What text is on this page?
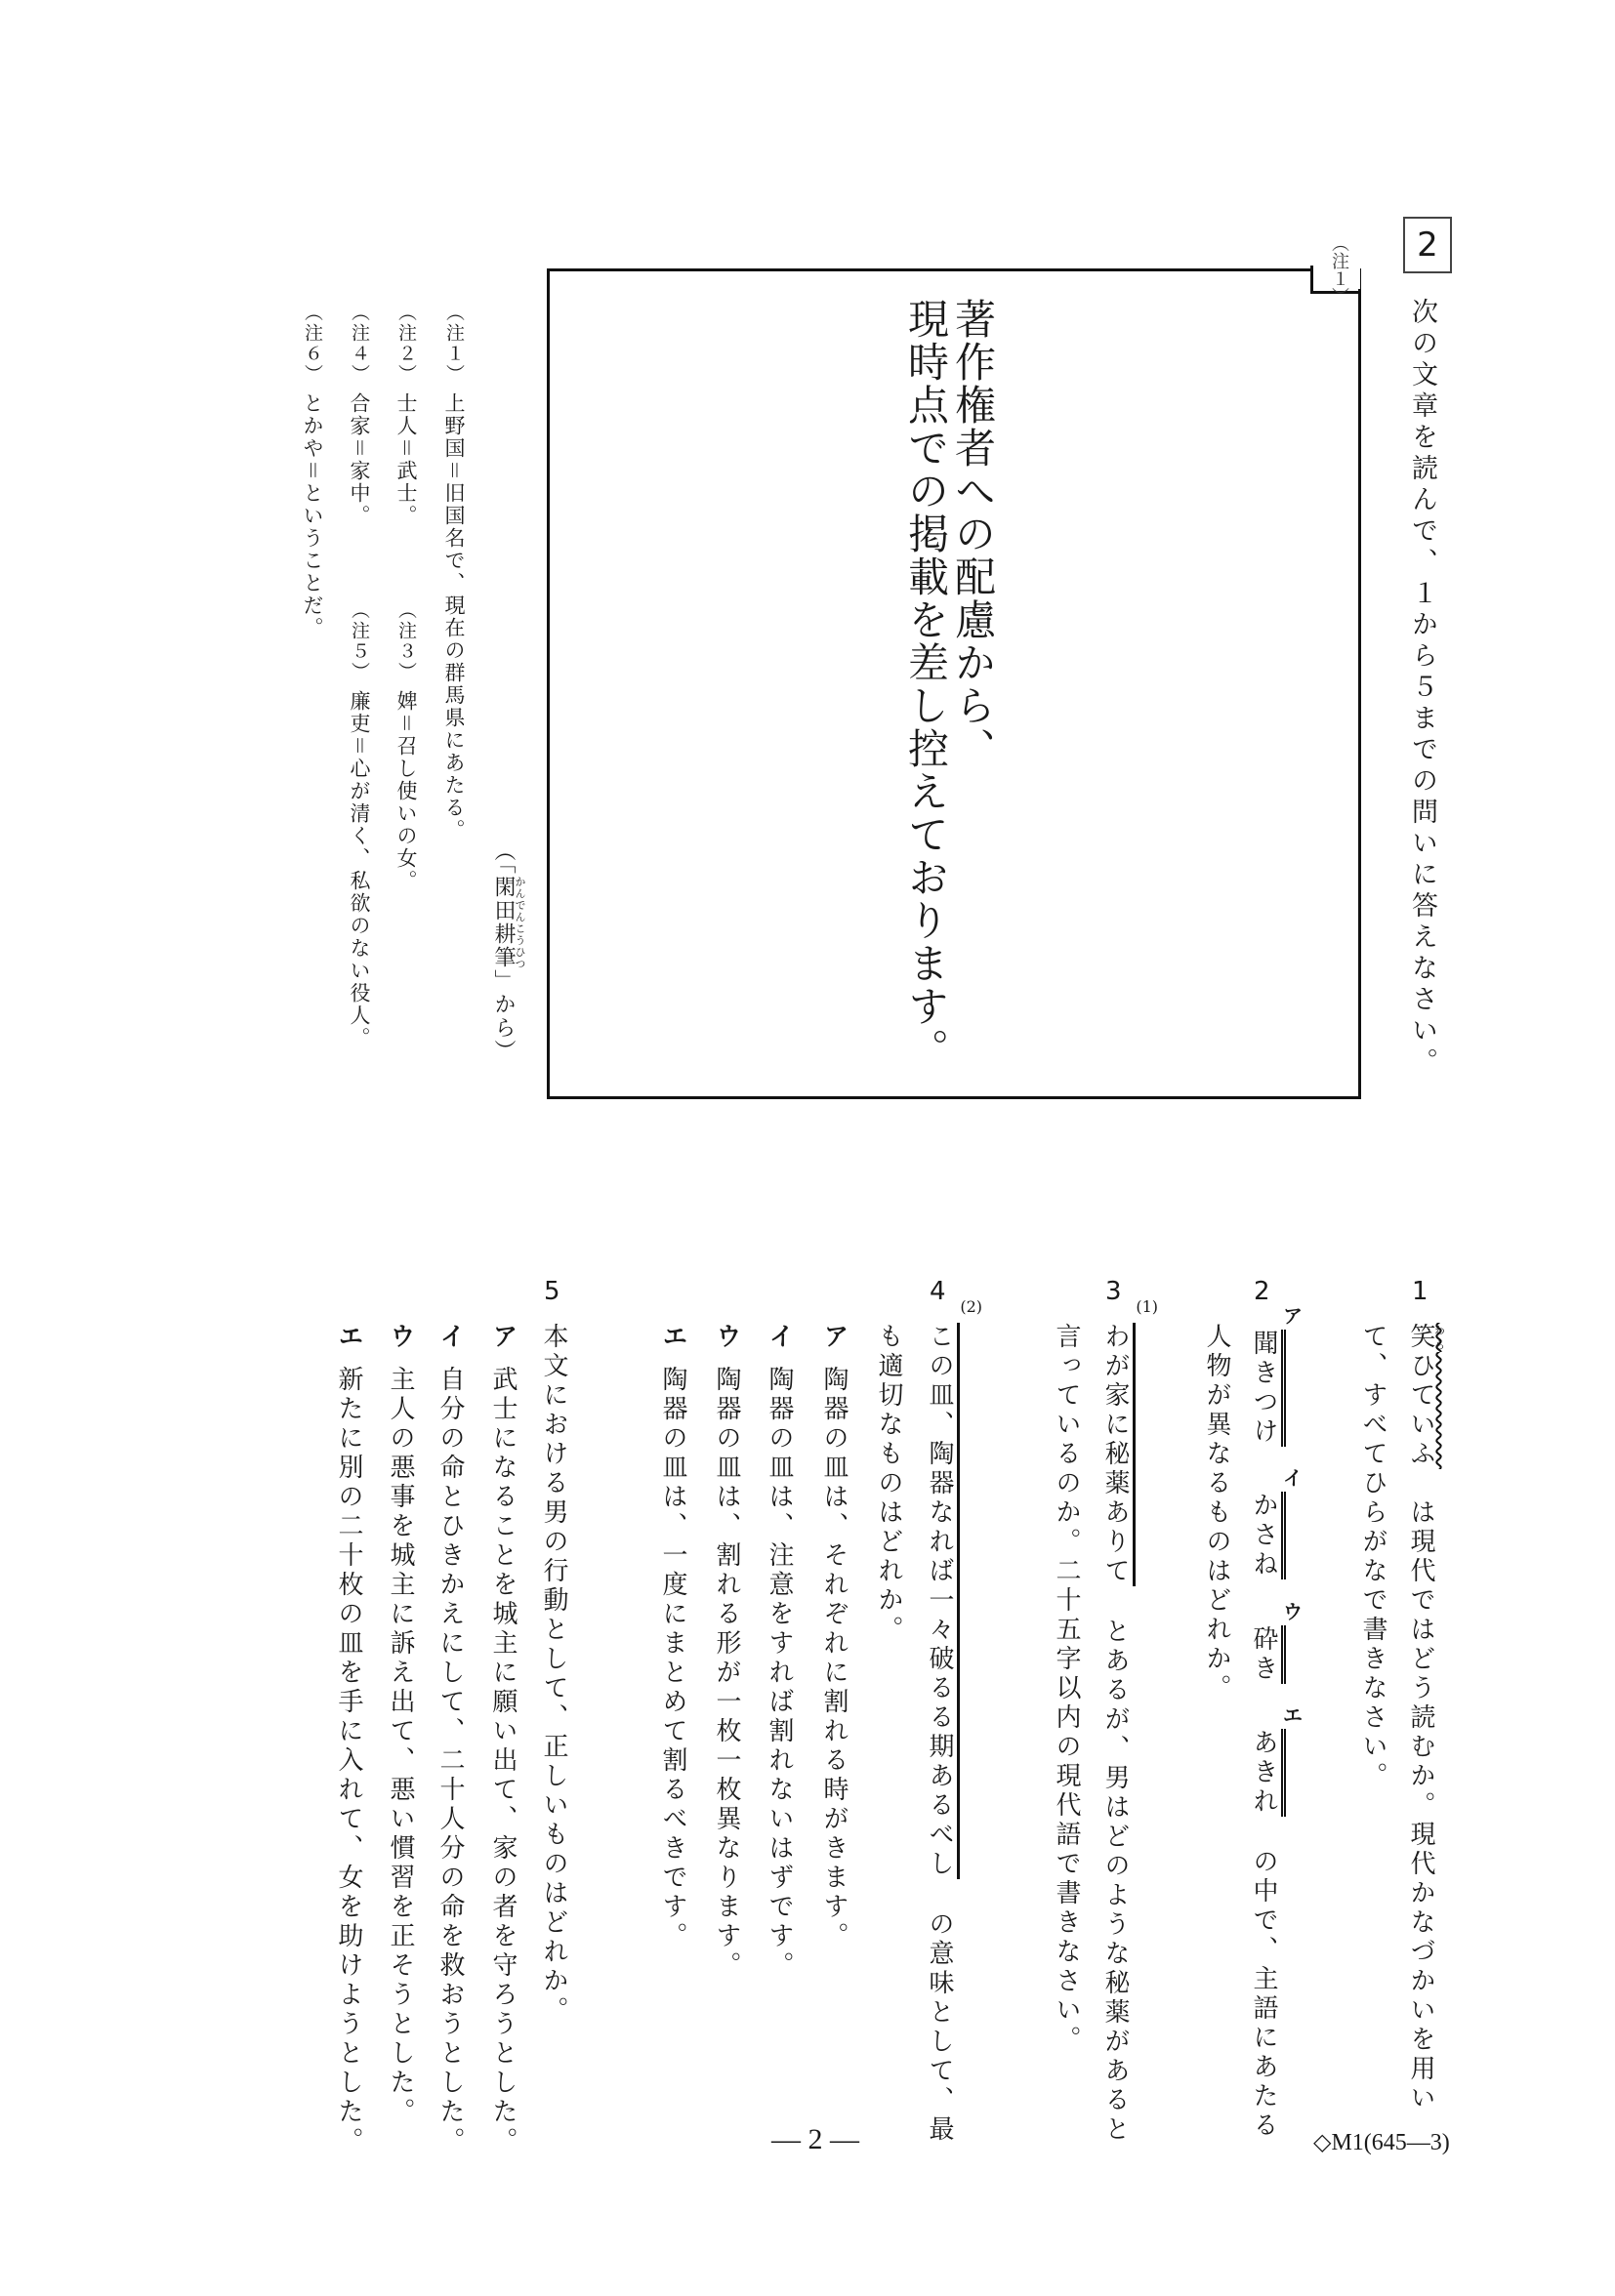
2
次の文章を読んで、１から５までの問いに答えなさい。
（注１）
著作権者への配慮から、
現時点での掲載を差し控えております。
（「閑田耕筆かんでんこうひつ」から）
（注１）上野国＝旧国名で、現在の群馬県にあたる。
（注２）士人＝武士。
（注３）婢＝召し使いの女。
（注４）合家＝家中。
（注５）廉吏＝心が清く、私欲のない役人。
（注６）とかや＝ということだ。
1
笑わらひていふ は現代ではどう読むか。現代かなづかいを用い
て、すべてひらがなで書きなさい。
2
ア
聞きつけ
イ
かさね
ウ
砕き
エ
あきれ の中で、主語にあたる
人物が異なるものはどれか。
3
(1)
わが家に秘薬ありて とあるが、男はどのような秘薬があると
言っているのか。二十五字以内の現代語で書きなさい。
4
(2)
この皿、陶器なれば一々破るる期あるべし の意味として、最
も適切なものはどれか。
ア陶器の皿は、それぞれに割れる時がきます。
イ陶器の皿は、注意をすれば割れないはずです。
ウ陶器の皿は、割れる形が一枚一枚異なります。
エ陶器の皿は、一度にまとめて割るべきです。
5
本文における男の行動として、正しいものはどれか。
ア武士になることを城主に願い出て、家の者を守ろうとした。
イ自分の命とひきかえにして、二十人分の命を救おうとした。
ウ主人の悪事を城主に訴え出て、悪い慣習を正そうとした。
エ新たに別の二十枚の皿を手に入れて、女を助けようとした。	— 2 —	◇M1(645—3)
